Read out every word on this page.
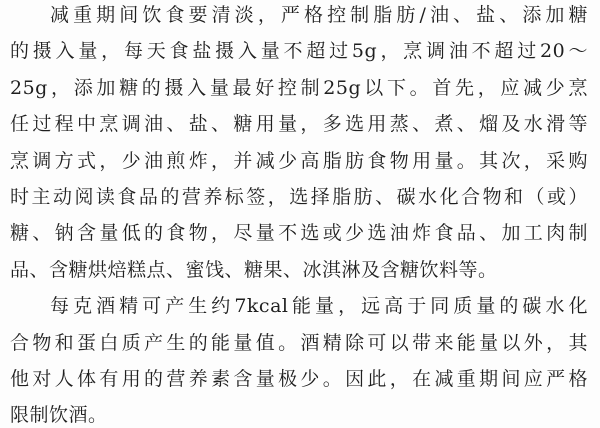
减重期间饮食要清淡，严格控制脂肪/油、盐、添加糖
的摄入量，每天食盐摄入量不超过5g，烹调油不超过20～
25g，添加糖的摄入量最好控制25g以下。首先，应减少烹
任过程中烹调油、盐、糖用量，多选用蒸、煮、熘及水滑等
烹调方式，少油煎炸，并减少高脂肪食物用量。其次，采购
时主动阅读食品的营养标签，选择脂肪、碳水化合物和（或）
糖、钠含量低的食物，尽量不选或少选油炸食品、加工肉制
品、含糖烘焙糕点、蜜饯、糖果、冰淇淋及含糖饮料等。

每克酒精可产生约7kcal能量，远高于同质量的碳水化
合物和蛋白质产生的能量值。酒精除可以带来能量以外，其
他对人体有用的营养素含量极少。因此，在减重期间应严格
限制饮酒。
